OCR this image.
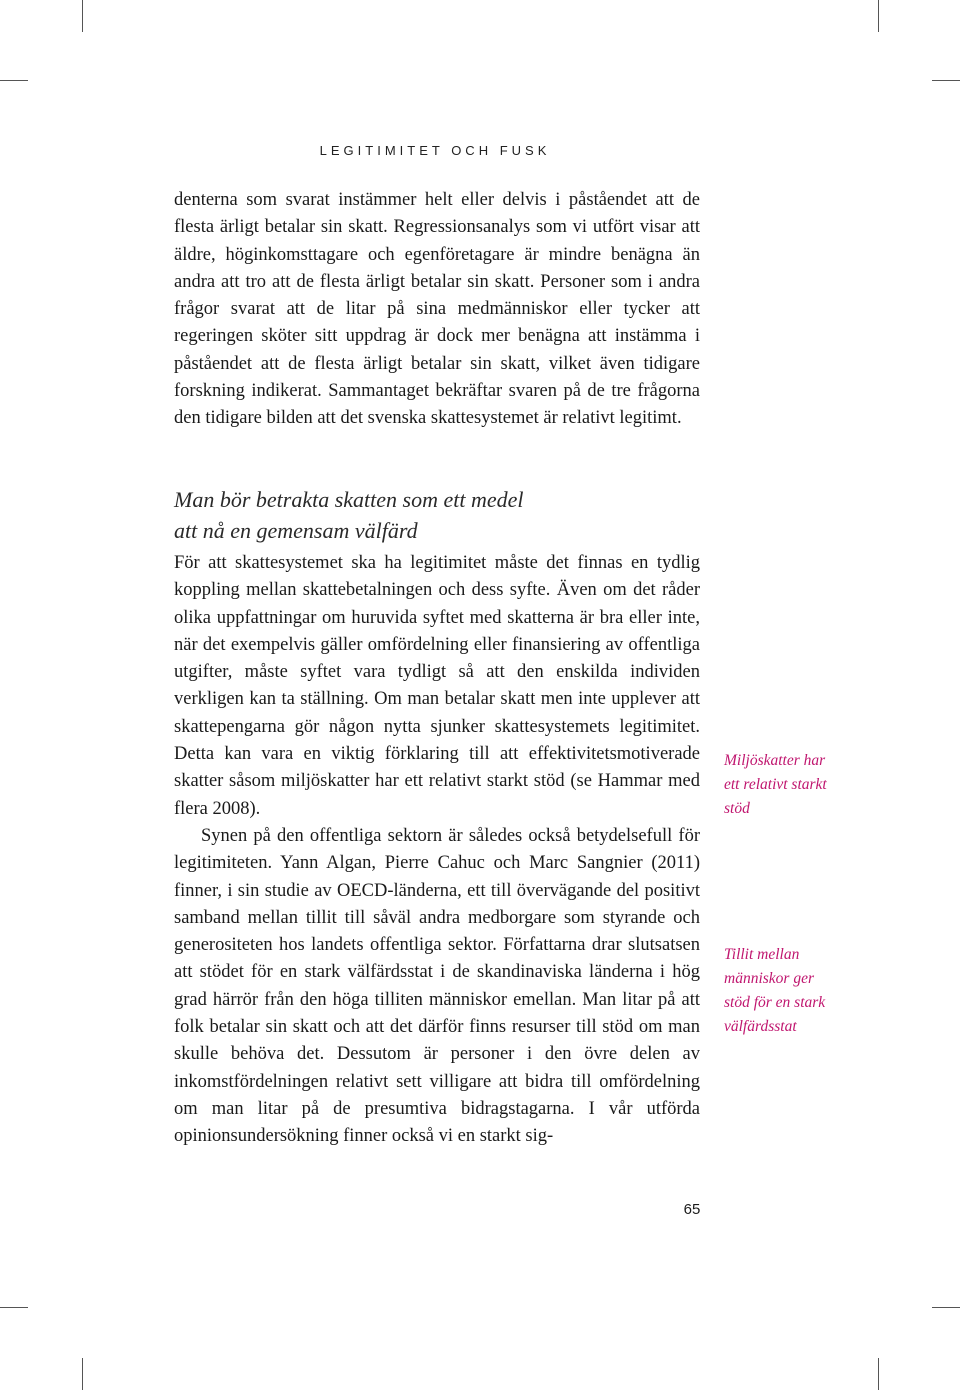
LEGITIMITET OCH FUSK

denterna som svarat instämmer helt eller delvis i påståendet att de flesta ärligt betalar sin skatt. Regressionsanalys som vi utfört visar att äldre, höginkomsttagare och egenföretagare är mindre benägna än andra att tro att de flesta ärligt betalar sin skatt. Personer som i andra frågor svarat att de litar på sina medmänniskor eller tycker att regeringen sköter sitt uppdrag är dock mer benägna att instämma i påståendet att de flesta ärligt betalar sin skatt, vilket även tidigare forskning indikerat. Sammantaget bekräftar svaren på de tre frågorna den tidigare bilden att det svenska skattesystemet är relativt legitimt.

Man bör betrakta skatten som ett medel
att nå en gemensam välfärd

För att skattesystemet ska ha legitimitet måste det finnas en tydlig koppling mellan skattebetalningen och dess syfte. Även om det råder olika uppfattningar om huruvida syftet med skatterna är bra eller inte, när det exempelvis gäller omfördelning eller finansiering av offentliga utgifter, måste syftet vara tydligt så att den enskilda individen verkligen kan ta ställning. Om man betalar skatt men inte upplever att skattepengarna gör någon nytta sjunker skattesystemets legitimitet. Detta kan vara en viktig förklaring till att effektivitetsmotiverade skatter såsom miljöskatter har ett relativt starkt stöd (se Hammar med flera 2008).

Synen på den offentliga sektorn är således också betydelsefull för legitimiteten. Yann Algan, Pierre Cahuc och Marc Sangnier (2011) finner, i sin studie av OECD-länderna, ett till övervägande del positivt samband mellan tillit till såväl andra medborgare som styrande och generositeten hos landets offentliga sektor. Författarna drar slutsatsen att stödet för en stark välfärdsstat i de skandinaviska länderna i hög grad härrör från den höga tilliten människor emellan. Man litar på att folk betalar sin skatt och att det därför finns resurser till stöd om man skulle behöva det. Dessutom är personer i den övre delen av inkomstfördelningen relativt sett villigare att bidra till omfördelning om man litar på de presumtiva bidragstagarna. I vår utförda opinionsundersökning finner också vi en starkt sig-

Miljöskatter har ett relativt starkt stöd
Tillit mellan människor ger stöd för en stark välfärdsstat
65
